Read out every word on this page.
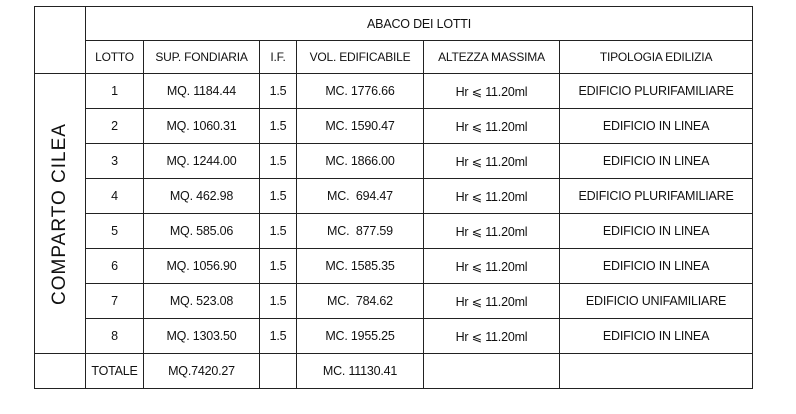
	ABACO DEI LOTTI					
	LOTTO	SUP. FONDIARIA	I.F.	VOL. EDIFICABILE	ALTEZZA MASSIMA	TIPOLOGIA EDILIZIA

COMPARTO CILEA	1	MQ. 1184.44	1.5	MC. 1776.66	Hr ⩽ 11.20ml	EDIFICIO PLURIFAMILIARE
	2	MQ. 1060.31	1.5	MC. 1590.47	Hr ⩽ 11.20ml	EDIFICIO IN LINEA
	3	MQ. 1244.00	1.5	MC. 1866.00	Hr ⩽ 11.20ml	EDIFICIO IN LINEA
	4	MQ. 462.98	1.5	MC.  694.47	Hr ⩽ 11.20ml	EDIFICIO PLURIFAMILIARE
	5	MQ. 585.06	1.5	MC.  877.59	Hr ⩽ 11.20ml	EDIFICIO IN LINEA
	6	MQ. 1056.90	1.5	MC. 1585.35	Hr ⩽ 11.20ml	EDIFICIO IN LINEA
	7	MQ. 523.08	1.5	MC.  784.62	Hr ⩽ 11.20ml	EDIFICIO UNIFAMILIARE
	8	MQ. 1303.50	1.5	MC. 1955.25	Hr ⩽ 11.20ml	EDIFICIO IN LINEA
	TOTALE	MQ.7420.27		MC. 11130.41		
